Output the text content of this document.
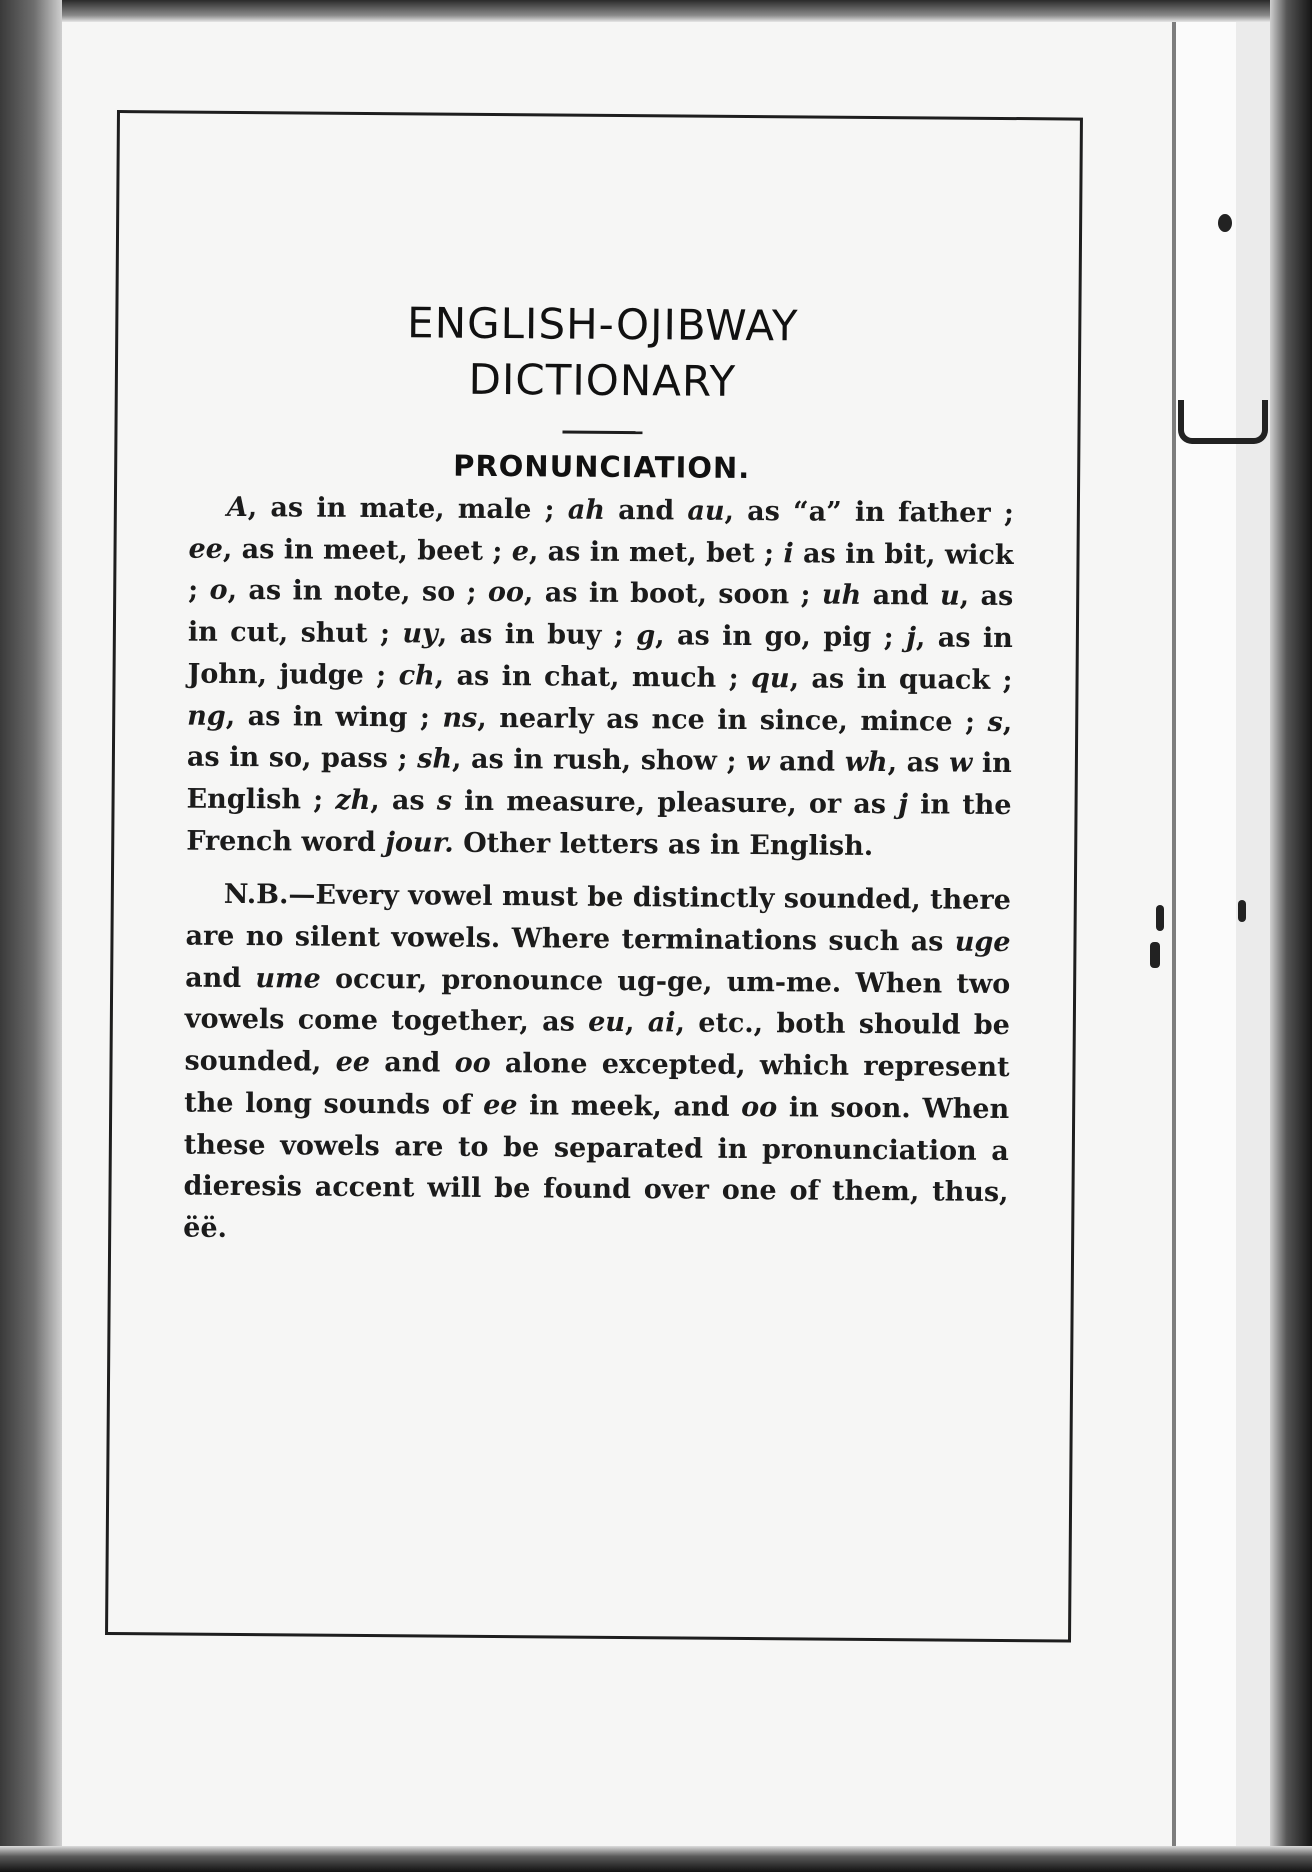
ENGLISH-OJIBWAY
DICTIONARY
PRONUNCIATION.

A, as in mate, male ; ah and au, as “a” in father ; ee, as in meet, beet ; e, as in met, bet ; i as in bit, wick ; o, as in note, so ; oo, as in boot, soon ; uh and u, as in cut, shut ; uy, as in buy ; g, as in go, pig ; j, as in John, judge ; ch, as in chat, much ; qu, as in quack ; ng, as in wing ; ns, nearly as nce in since, mince ; s, as in so, pass ; sh, as in rush, show ; w and wh, as w in English ; zh, as s in measure, pleasure, or as j in the French word jour. Other letters as in English.

N.B.—Every vowel must be distinctly sounded, there are no silent vowels. Where terminations such as uge and ume occur, pronounce ug-ge, um-me. When two vowels come together, as eu, ai, etc., both should be sounded, ee and oo alone excepted, which represent the long sounds of ee in meek, and oo in soon. When these vowels are to be separated in pronunciation a dieresis accent will be found over one of them, thus, ëë.
